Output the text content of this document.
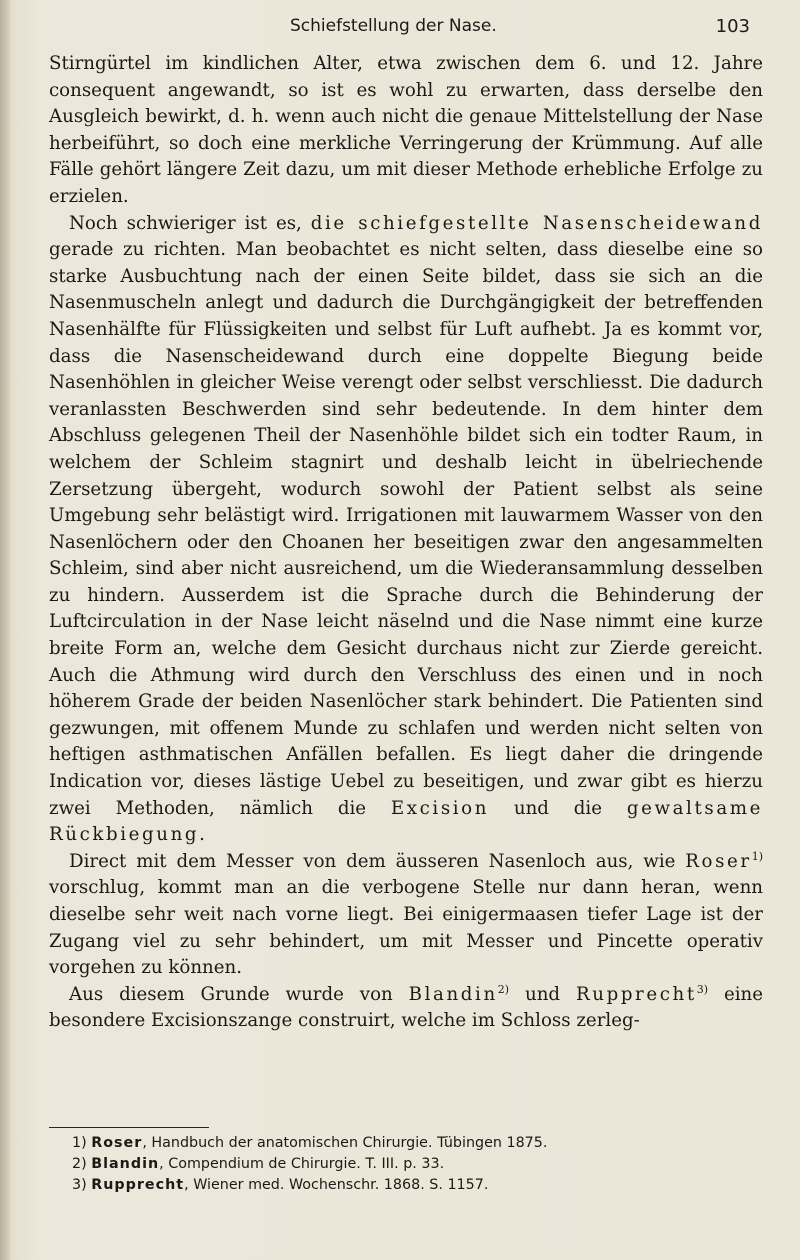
Schiefstellung der Nase.	103

Stirngürtel im kindlichen Alter, etwa zwischen dem 6. und 12. Jahre consequent angewandt, so ist es wohl zu erwarten, dass derselbe den Ausgleich bewirkt, d. h. wenn auch nicht die genaue Mittelstellung der Nase herbeiführt, so doch eine merkliche Verringerung der Krümmung. Auf alle Fälle gehört längere Zeit dazu, um mit dieser Methode erhebliche Erfolge zu erzielen.

Noch schwieriger ist es, die schiefgestellte Nasenscheidewand gerade zu richten. Man beobachtet es nicht selten, dass dieselbe eine so starke Ausbuchtung nach der einen Seite bildet, dass sie sich an die Nasenmuscheln anlegt und dadurch die Durchgängigkeit der betreffenden Nasenhälfte für Flüssigkeiten und selbst für Luft aufhebt. Ja es kommt vor, dass die Nasenscheidewand durch eine doppelte Biegung beide Nasenhöhlen in gleicher Weise verengt oder selbst verschliesst. Die dadurch veranlassten Beschwerden sind sehr bedeutende. In dem hinter dem Abschluss gelegenen Theil der Nasenhöhle bildet sich ein todter Raum, in welchem der Schleim stagnirt und deshalb leicht in übelriechende Zersetzung übergeht, wodurch sowohl der Patient selbst als seine Umgebung sehr belästigt wird. Irrigationen mit lauwarmem Wasser von den Nasenlöchern oder den Choanen her beseitigen zwar den angesammelten Schleim, sind aber nicht ausreichend, um die Wiederansammlung desselben zu hindern. Ausserdem ist die Sprache durch die Behinderung der Luftcirculation in der Nase leicht näselnd und die Nase nimmt eine kurze breite Form an, welche dem Gesicht durchaus nicht zur Zierde gereicht. Auch die Athmung wird durch den Verschluss des einen und in noch höherem Grade der beiden Nasenlöcher stark behindert. Die Patienten sind gezwungen, mit offenem Munde zu schlafen und werden nicht selten von heftigen asthmatischen Anfällen befallen. Es liegt daher die dringende Indication vor, dieses lästige Uebel zu beseitigen, und zwar gibt es hierzu zwei Methoden, nämlich die Excision und die gewaltsame Rückbiegung.

Direct mit dem Messer von dem äusseren Nasenloch aus, wie Roser$^{1)}$ vorschlug, kommt man an die verbogene Stelle nur dann heran, wenn dieselbe sehr weit nach vorne liegt. Bei einigermaasen tiefer Lage ist der Zugang viel zu sehr behindert, um mit Messer und Pincette operativ vorgehen zu können.

Aus diesem Grunde wurde von Blandin$^{2)}$ und Rupprecht$^{3)}$ eine besondere Excisionszange construirt, welche im Schloss zerleg-

1) Roser, Handbuch der anatomischen Chirurgie. Tübingen 1875.
2) Blandin, Compendium de Chirurgie. T. III. p. 33.
3) Rupprecht, Wiener med. Wochenschr. 1868. S. 1157.
